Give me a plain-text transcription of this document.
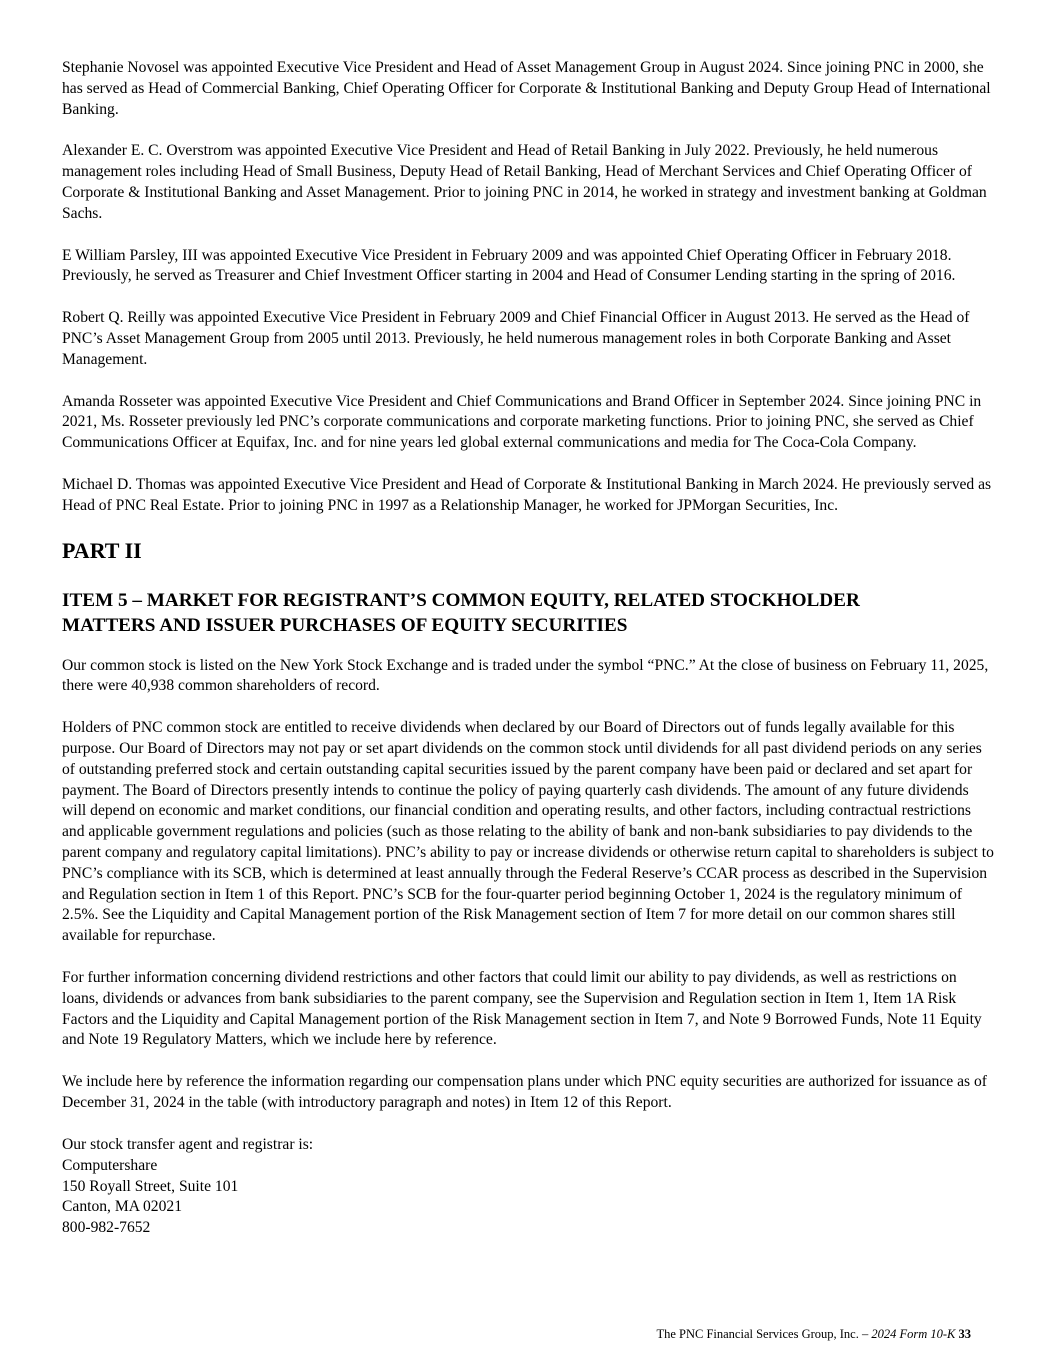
Stephanie Novosel was appointed Executive Vice President and Head of Asset Management Group in August 2024. Since joining PNC in 2000, she has served as Head of Commercial Banking, Chief Operating Officer for Corporate & Institutional Banking and Deputy Group Head of International Banking.

Alexander E. C. Overstrom was appointed Executive Vice President and Head of Retail Banking in July 2022. Previously, he held numerous management roles including Head of Small Business, Deputy Head of Retail Banking, Head of Merchant Services and Chief Operating Officer of Corporate & Institutional Banking and Asset Management. Prior to joining PNC in 2014, he worked in strategy and investment banking at Goldman Sachs.

E William Parsley, III was appointed Executive Vice President in February 2009 and was appointed Chief Operating Officer in February 2018. Previously, he served as Treasurer and Chief Investment Officer starting in 2004 and Head of Consumer Lending starting in the spring of 2016.

Robert Q. Reilly was appointed Executive Vice President in February 2009 and Chief Financial Officer in August 2013. He served as the Head of PNC’s Asset Management Group from 2005 until 2013. Previously, he held numerous management roles in both Corporate Banking and Asset Management.

Amanda Rosseter was appointed Executive Vice President and Chief Communications and Brand Officer in September 2024. Since joining PNC in 2021, Ms. Rosseter previously led PNC’s corporate communications and corporate marketing functions. Prior to joining PNC, she served as Chief Communications Officer at Equifax, Inc. and for nine years led global external communications and media for The Coca-Cola Company.

Michael D. Thomas was appointed Executive Vice President and Head of Corporate & Institutional Banking in March 2024. He previously served as Head of PNC Real Estate. Prior to joining PNC in 1997 as a Relationship Manager, he worked for JPMorgan Securities, Inc.

PART II
ITEM 5 – MARKET FOR REGISTRANT’S COMMON EQUITY, RELATED STOCKHOLDER
MATTERS AND ISSUER PURCHASES OF EQUITY SECURITIES

Our common stock is listed on the New York Stock Exchange and is traded under the symbol “PNC.” At the close of business on February 11, 2025, there were 40,938 common shareholders of record.

Holders of PNC common stock are entitled to receive dividends when declared by our Board of Directors out of funds legally available for this purpose. Our Board of Directors may not pay or set apart dividends on the common stock until dividends for all past dividend periods on any series of outstanding preferred stock and certain outstanding capital securities issued by the parent company have been paid or declared and set apart for payment. The Board of Directors presently intends to continue the policy of paying quarterly cash dividends. The amount of any future dividends will depend on economic and market conditions, our financial condition and operating results, and other factors, including contractual restrictions and applicable government regulations and policies (such as those relating to the ability of bank and non-bank subsidiaries to pay dividends to the parent company and regulatory capital limitations). PNC’s ability to pay or increase dividends or otherwise return capital to shareholders is subject to PNC’s compliance with its SCB, which is determined at least annually through the Federal Reserve’s CCAR process as described in the Supervision and Regulation section in Item 1 of this Report. PNC’s SCB for the four-quarter period beginning October 1, 2024 is the regulatory minimum of 2.5%. See the Liquidity and Capital Management portion of the Risk Management section of Item 7 for more detail on our common shares still available for repurchase.

For further information concerning dividend restrictions and other factors that could limit our ability to pay dividends, as well as restrictions on loans, dividends or advances from bank subsidiaries to the parent company, see the Supervision and Regulation section in Item 1, Item 1A Risk Factors and the Liquidity and Capital Management portion of the Risk Management section in Item 7, and Note 9 Borrowed Funds, Note 11 Equity and Note 19 Regulatory Matters, which we include here by reference.

We include here by reference the information regarding our compensation plans under which PNC equity securities are authorized for issuance as of December 31, 2024 in the table (with introductory paragraph and notes) in Item 12 of this Report.

Our stock transfer agent and registrar is:

Computershare

150 Royall Street, Suite 101

Canton, MA 02021

800-982-7652

The PNC Financial Services Group, Inc. – 2024 Form 10-K 33
